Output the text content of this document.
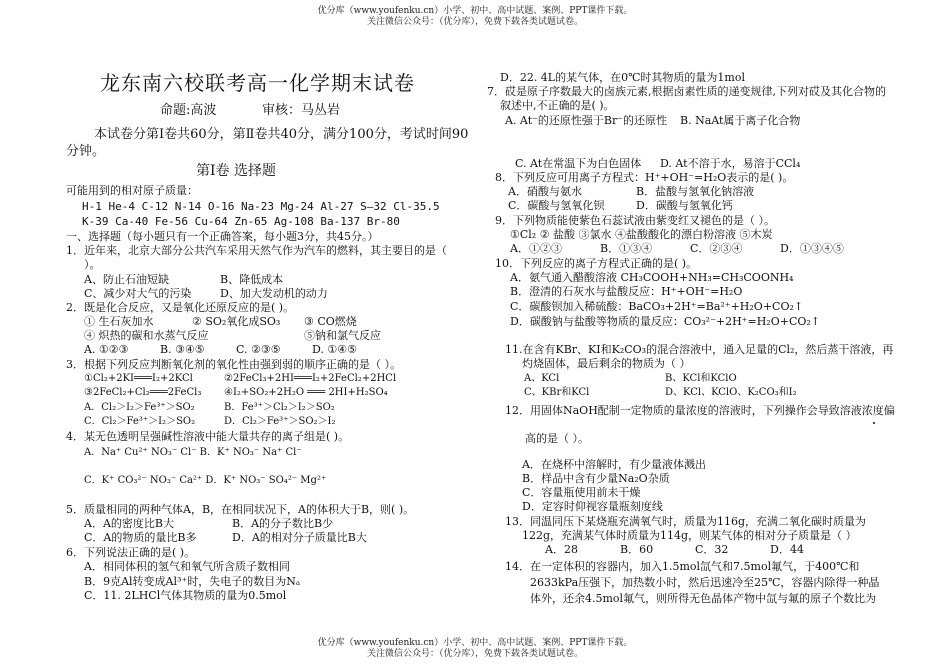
优分库（www.youfenku.cn）小学、初中、高中试题、案例、PPT课件下载。
关注微信公众号：（优分库），免费下载各类试题试卷。
优分库（www.youfenku.cn）小学、初中、高中试题、案例、PPT课件下载。
关注微信公众号：（优分库），免费下载各类试题试卷。
龙东南六校联考高一化学期末试卷
命题:高波	审核：马丛岩
本试卷分第Ⅰ卷共60分，第Ⅱ卷共40分，满分100分，考试时间90
分钟。
第Ⅰ卷 选择题
可能用到的相对原子质量：
H-1 He-4 C-12 N-14 O-16 Na-23 Mg-24 Al-27 S—32 Cl-35.5
K-39 Ca-40 Fe-56 Cu-64 Zn-65 Ag-108 Ba-137 Br-80
一、选择题（每小题只有一个正确答案，每小题3分，共45分。）
1．近年来，北京大部分公共汽车采用天然气作为汽车的燃料，其主要目的是（
）。
A、防止石油短缺	B、降低成本
C、减少对大气的污染	D、加大发动机的动力
2．既是化合反应，又是氧化还原反应的是( )。
① 生石灰加水	② SO₂氧化成SO₃ ③ CO燃烧
④ 炽热的碳和水蒸气反应	⑤钠和氯气反应
A. ①②③	B. ③④⑤	C. ②③⑤	D. ①④⑤
3．根据下列反应判断氧化剂的氧化性由强到弱的顺序正确的是（ ）。
①Cl₂+2KI═══I₂+2KCl	②2FeCl₃+2HI═══I₂+2FeCl₂+2HCl
③2FeCl₂+Cl₂═══2FeCl₃ ④I₂+SO₂+2H₂O ═══ 2HI+H₂SO₄
A．Cl₂＞I₂＞Fe³⁺＞SO₂	B．Fe³⁺＞Cl₂＞I₂＞SO₂
C．Cl₂＞Fe³⁺＞I₂＞SO₂	D．Cl₂＞Fe³⁺＞SO₂＞I₂
4．某无色透明呈强碱性溶液中能大量共存的离子组是( )。
A．Na⁺ Cu²⁺ NO₃⁻ Cl⁻ B．K⁺ NO₃⁻ Na⁺ Cl⁻
C．K⁺ CO₃²⁻ NO₃⁻ Ca²⁺ D．K⁺ NO₃⁻ SO₄²⁻ Mg²⁺
5．质量相同的两种气体A，B，在相同状况下，A的体积大于B，则( )。
A．A的密度比B大	B．A的分子数比B少
C．A的物质的量比B多	D．A的相对分子质量比B大
6．下列说法正确的是( )。
A．相同体积的氢气和氧气所含质子数相同
B．9克Al转变成Al³⁺时，失电子的数目为Nₐ
C．11. 2LHCl气体其物质的量为0.5mol
D．22. 4L的某气体，在0℃时其物质的量为1mol
7．砹是原子序数最大的卤族元素,根据卤素性质的递变规律,下列对砹及其化合物的
叙述中,不正确的是( )。
A. At⁻的还原性强于Br⁻的还原性 B. NaAt属于离子化合物
C. At在常温下为白色固体 D. At不溶于水，易溶于CCl₄
8．下列反应可用离子方程式：H⁺+OH⁻=H₂O表示的是( )。
A．硝酸与氨水	B．盐酸与氢氧化钠溶液
C．碳酸与氢氧化钡	D．碳酸与氢氧化钙
9．下列物质能使紫色石蕊试液由紫变红又褪色的是（ ）。
①Cl₂ ② 盐酸 ③氯水 ④盐酸酸化的漂白粉溶液 ⑤木炭
A．①②③	B．①③④	C．②③④	D．①③④⑤
10．下列反应的离子方程式正确的是( )。
A．氨气通入醋酸溶液 CH₃COOH+NH₃=CH₃COONH₄
B．澄清的石灰水与盐酸反应：H⁺+OH⁻=H₂O
C．碳酸钡加入稀硫酸：BaCO₃+2H⁺=Ba²⁺+H₂O+CO₂↑
D．碳酸钠与盐酸等物质的量反应：CO₃²⁻+2H⁺=H₂O+CO₂↑
11.在含有KBr、KI和K₂CO₃的混合溶液中，通入足量的Cl₂，然后蒸干溶液，再
灼烧固体，最后剩余的物质为（ ）
A、KCl	B、KCl和KClO
C、KBr和KCl	D、KCl、KClO、K₂CO₃和I₂
12．用固体NaOH配制一定物质的量浓度的溶液时，下列操作会导致溶液浓度偏
高的是（ ）。
A．在烧杯中溶解时，有少量液体溅出
B．样品中含有少量Na₂O杂质
C．容量瓶使用前未干燥
D．定容时仰视容量瓶刻度线
13．同温同压下某烧瓶充满氧气时，质量为116g，充满二氧化碳时质量为
122g，充满某气体时质量为114g，则某气体的相对分子质量是（ ）
A．28	B．60	C．32	D．44
14．在一定体积的容器内，加入1.5mol氙气和7.5mol氟气，于400℃和
2633kPa压强下，加热数小时，然后迅速冷至25℃，容器内除得一种晶
体外，还余4.5mol氟气，则所得无色晶体产物中氙与氟的原子个数比为
